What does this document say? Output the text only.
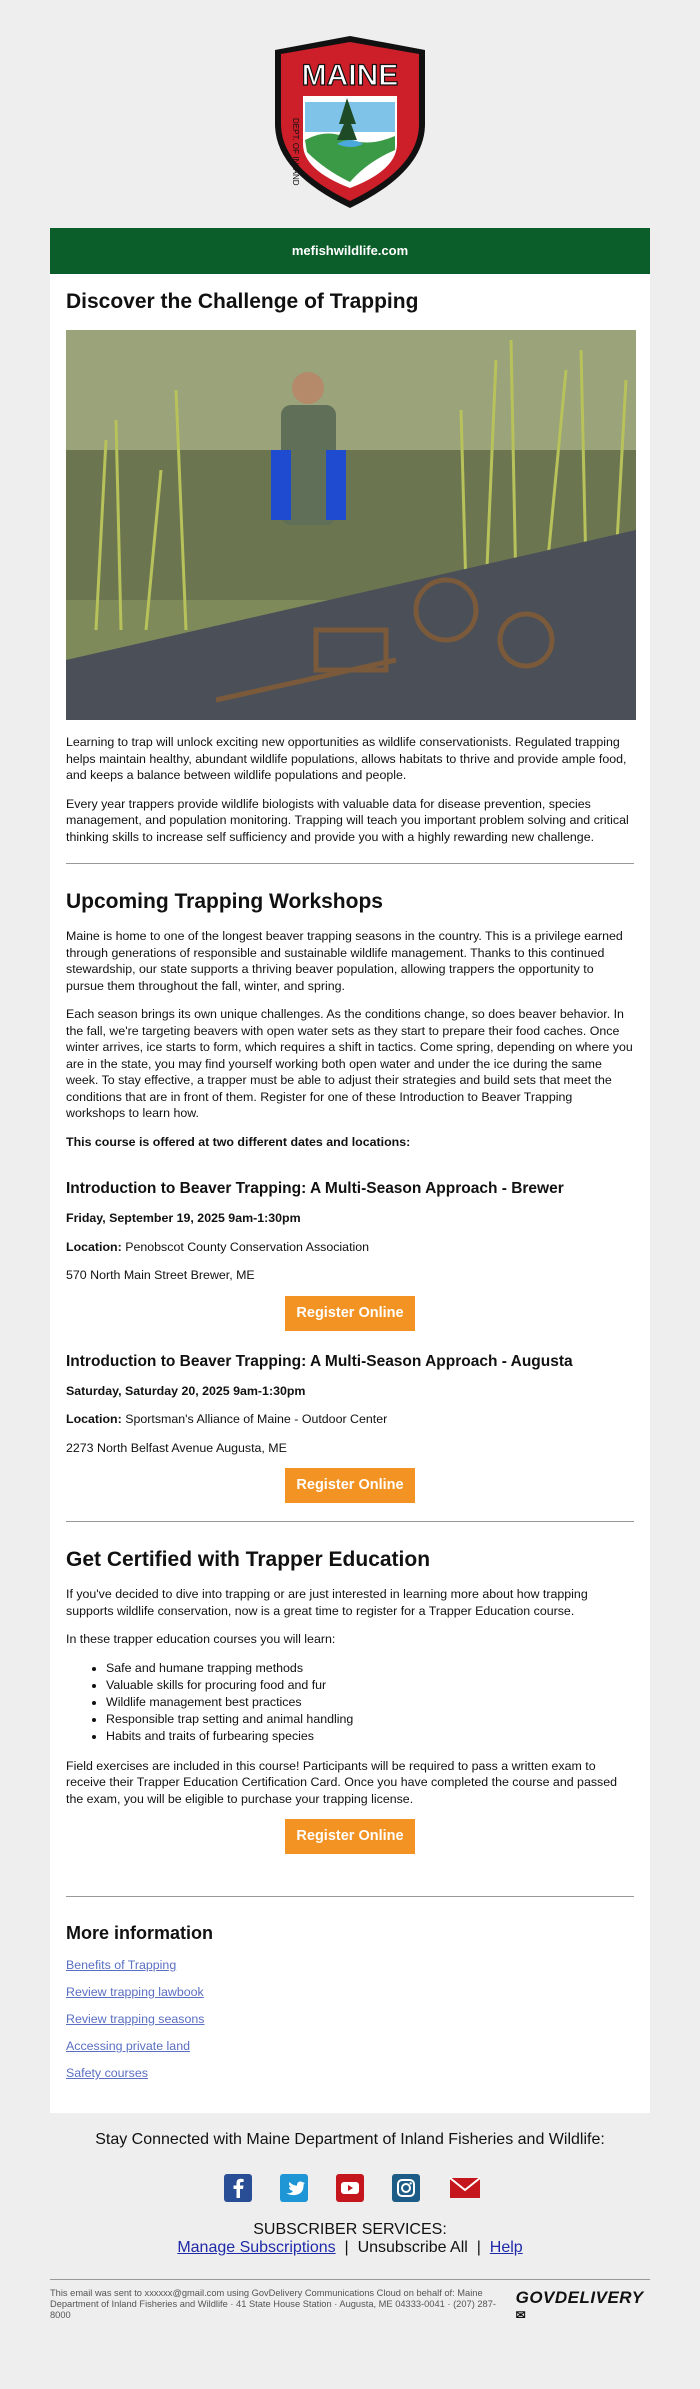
MAINE
DEPT. OF INLAND
mefishwildlife.com
Discover the Challenge of Trapping

Learning to trap will unlock exciting new opportunities as wildlife conservationists. Regulated trapping helps maintain healthy, abundant wildlife populations, allows habitats to thrive and provide ample food, and keeps a balance between wildlife populations and people.

Every year trappers provide wildlife biologists with valuable data for disease prevention, species management, and population monitoring. Trapping will teach you important problem solving and critical thinking skills to increase self sufficiency and provide you with a highly rewarding new challenge.

Upcoming Trapping Workshops

Maine is home to one of the longest beaver trapping seasons in the country. This is a privilege earned through generations of responsible and sustainable wildlife management. Thanks to this continued stewardship, our state supports a thriving beaver population, allowing trappers the opportunity to pursue them throughout the fall, winter, and spring.

Each season brings its own unique challenges. As the conditions change, so does beaver behavior. In the fall, we're targeting beavers with open water sets as they start to prepare their food caches. Once winter arrives, ice starts to form, which requires a shift in tactics. Come spring, depending on where you are in the state, you may find yourself working both open water and under the ice during the same week. To stay effective, a trapper must be able to adjust their strategies and build sets that meet the conditions that are in front of them. Register for one of these Introduction to Beaver Trapping workshops to learn how.

This course is offered at two different dates and locations:

Introduction to Beaver Trapping: A Multi-Season Approach - Brewer

Friday, September 19, 2025 9am-1:30pm

Location: Penobscot County Conservation Association

570 North Main Street Brewer, ME

Register Online
Introduction to Beaver Trapping: A Multi-Season Approach - Augusta

Saturday, Saturday 20, 2025 9am-1:30pm

Location: Sportsman's Alliance of Maine - Outdoor Center

2273 North Belfast Avenue Augusta, ME

Register Online
Get Certified with Trapper Education

If you've decided to dive into trapping or are just interested in learning more about how trapping supports wildlife conservation, now is a great time to register for a Trapper Education course.

In these trapper education courses you will learn:

• Safe and humane trapping methods
• Valuable skills for procuring food and fur
• Wildlife management best practices
• Responsible trap setting and animal handling
• Habits and traits of furbearing species

Field exercises are included in this course! Participants will be required to pass a written exam to receive their Trapper Education Certification Card. Once you have completed the course and passed the exam, you will be eligible to purchase your trapping license.

Register Online
More information
Benefits of Trapping
Review trapping lawbook
Review trapping seasons
Accessing private land
Safety courses
Stay Connected with Maine Department of Inland Fisheries and Wildlife:
SUBSCRIBER SERVICES:
Manage Subscriptions | Unsubscribe All | Help
This email was sent to xxxxxx@gmail.com using GovDelivery Communications Cloud on behalf of: Maine Department of Inland Fisheries and Wildlife · 41 State House Station · Augusta, ME 04333-0041 · (207) 287-8000
GOVDELIVERY✉
